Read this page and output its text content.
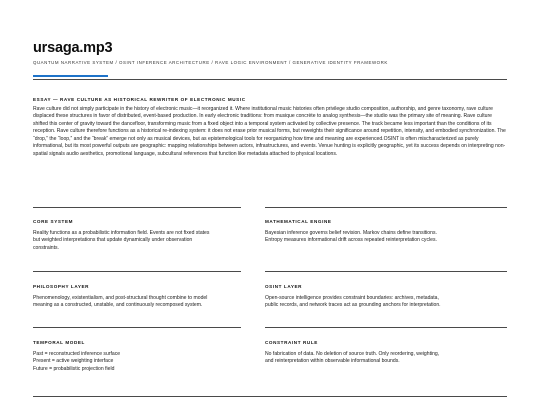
ursaga.mp3
QUANTUM NARRATIVE SYSTEM / OSINT INFERENCE ARCHITECTURE / RAVE LOGIC ENVIRONMENT / GENERATIVE IDENTITY FRAMEWORK
ESSAY — RAVE CULTURE AS HISTORICAL REWRITER OF ELECTRONIC MUSIC
Rave culture did not simply participate in the history of electronic music—it reorganized it. Where institutional music histories often privilege studio composition, authorship, and genre taxonomy, rave culture displaced these structures in favor of distributed, event-based production. In early electronic traditions: from musique concrète to analog synthesis—the studio was the primary site of meaning. Rave culture shifted this center of gravity toward the dancefloor, transforming music from a fixed object into a temporal system activated by collective presence. The track became less important than the conditions of its reception. Rave culture therefore functions as a historical re-indexing system: it does not erase prior musical forms, but reweights their significance around repetition, intensity, and embodied synchronization. The “drop,” the “loop,” and the “break” emerge not only as musical devices, but as epistemological tools for reorganizing how time and meaning are experienced.OSINT is often mischaracterized as purely informational, but its most powerful outputs are geographic: mapping relationships between actors, infrastructures, and events. Venue hunting is explicitly geographic, yet its success depends on interpreting non-spatial signals audio aesthetics, promotional language, subcultural references that function like metadata attached to physical locations.
CORE SYSTEM
Reality functions as a probabilistic information field. Events are not fixed states
but weighted interpretations that update dynamically under observation
constraints.
MATHEMATICAL ENGINE
Bayesian inference governs belief revision. Markov chains define transitions.
Entropy measures informational drift across repeated reinterpretation cycles.
PHILOSOPHY LAYER
Phenomenology, existentialism, and post-structural thought combine to model
meaning as a constructed, unstable, and continuously recomposed system.
OSINT LAYER
Open-source intelligence provides constraint boundaries: archives, metadata,
public records, and network traces act as grounding anchors for interpretation.
TEMPORAL MODEL
Past = reconstructed inference surface
Present = active weighting interface
Future = probabilistic projection field
CONSTRAINT RULE
No fabrication of data. No deletion of source truth. Only reordering, weighting,
and reinterpretation within observable informational bounds.
